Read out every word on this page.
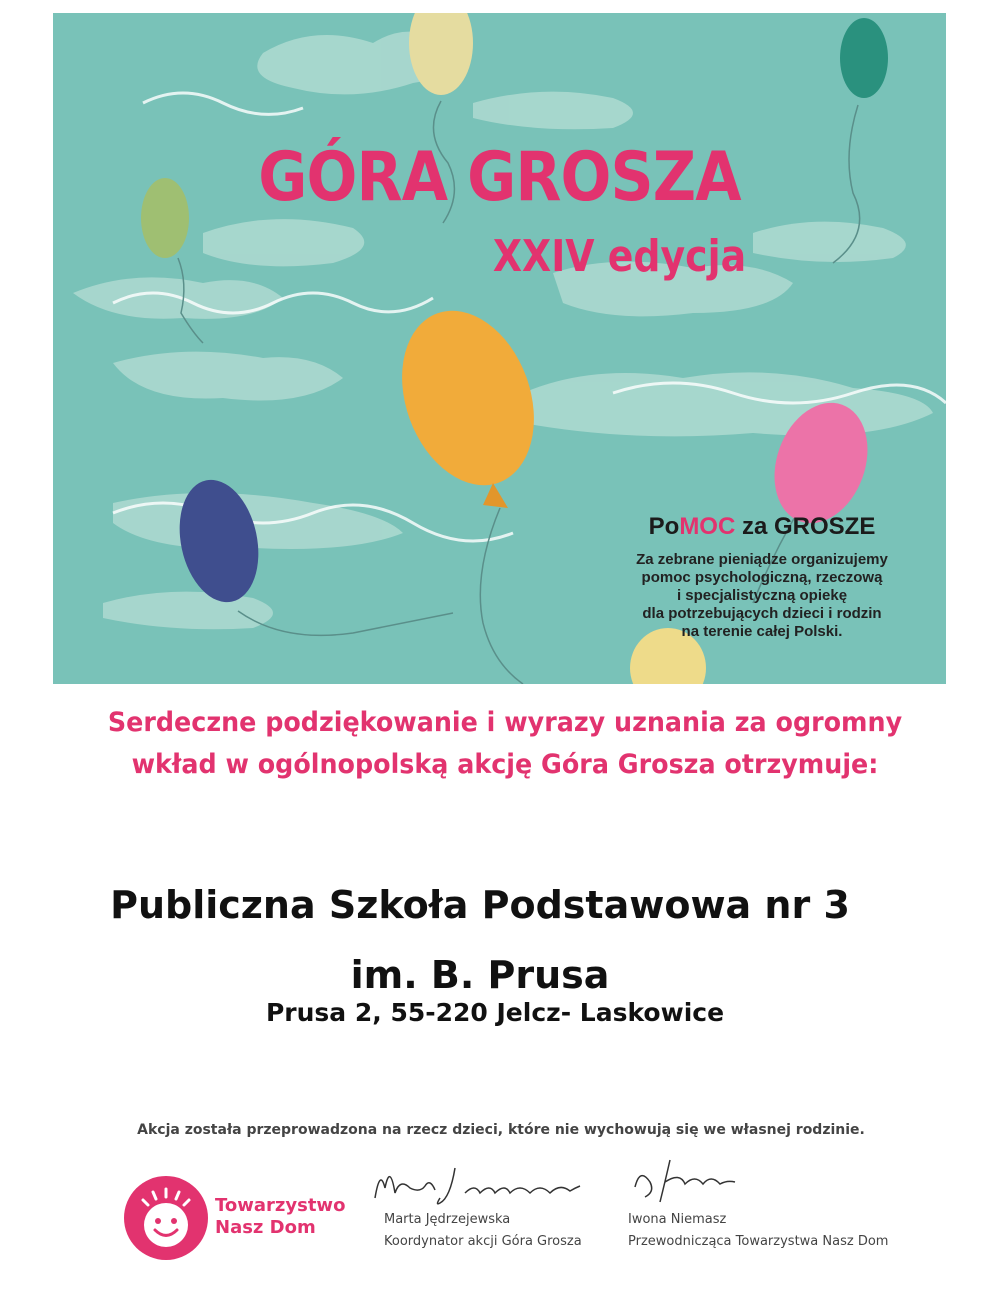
GÓRA GROSZA
XXIV edycja
PoMOC za GROSZE
Za zebrane pieniądze organizujemy
pomoc psychologiczną, rzeczową
i specjalistyczną opiekę
dla potrzebujących dzieci i rodzin
na terenie całej Polski.
Serdeczne podziękowanie i wyrazy uznania za ogromny
wkład w ogólnopolską akcję Góra Grosza otrzymuje:
Publiczna Szkoła Podstawowa nr 3
im. B. Prusa
Prusa 2, 55-220 Jelcz- Laskowice
Akcja została przeprowadzona na rzecz dzieci, które nie wychowują się we własnej rodzinie.
Towarzystwo
Nasz Dom	Marta Jędrzejewska
Koordynator akcji Góra Grosza
Iwona Niemasz
Przewodnicząca Towarzystwa Nasz Dom
